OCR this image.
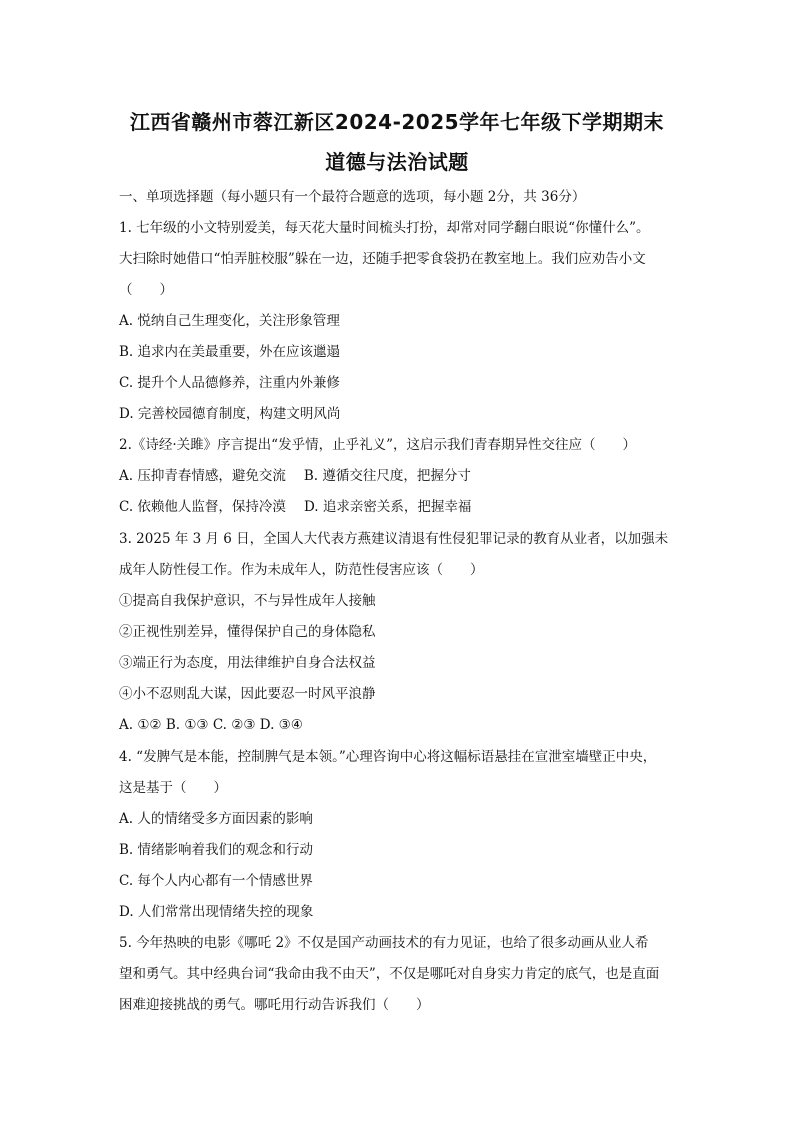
江西省赣州市蓉江新区2024-2025学年七年级下学期期末
道德与法治试题
一、单项选择题（每小题只有一个最符合题意的选项，每小题 2分，共 36分）
1. 七年级的小文特别爱美，每天花大量时间梳头打扮，却常对同学翻白眼说“你懂什么”。
大扫除时她借口“怕弄脏校服”躲在一边，还随手把零食袋扔在教室地上。我们应劝告小文
（　　）
A. 悦纳自己生理变化，关注形象管理
B. 追求内在美最重要，外在应该邋遢
C. 提升个人品德修养，注重内外兼修
D. 完善校园德育制度，构建文明风尚
2.《诗经·关雎》序言提出“发乎情，止乎礼义”，这启示我们青春期异性交往应（　　）
A. 压抑青春情感，避免交流 B. 遵循交往尺度，把握分寸
C. 依赖他人监督，保持冷漠 D. 追求亲密关系，把握幸福
3. 2025 年 3 月 6 日，全国人大代表方燕建议清退有性侵犯罪记录的教育从业者，以加强未
成年人防性侵工作。作为未成年人，防范性侵害应该（　　）
①提高自我保护意识，不与异性成年人接触
②正视性别差异，懂得保护自己的身体隐私
③端正行为态度，用法律维护自身合法权益
④小不忍则乱大谋，因此要忍一时风平浪静
A. ①② B. ①③ C. ②③ D. ③④
4. “发脾气是本能，控制脾气是本领。”心理咨询中心将这幅标语悬挂在宣泄室墙壁正中央，
这是基于（　　）
A. 人的情绪受多方面因素的影响
B. 情绪影响着我们的观念和行动
C. 每个人内心都有一个情感世界
D. 人们常常出现情绪失控的现象
5. 今年热映的电影《哪吒 2》不仅是国产动画技术的有力见证，也给了很多动画从业人希
望和勇气。其中经典台词“我命由我不由天”，不仅是哪吒对自身实力肯定的底气，也是直面
困难迎接挑战的勇气。哪吒用行动告诉我们（　　）
